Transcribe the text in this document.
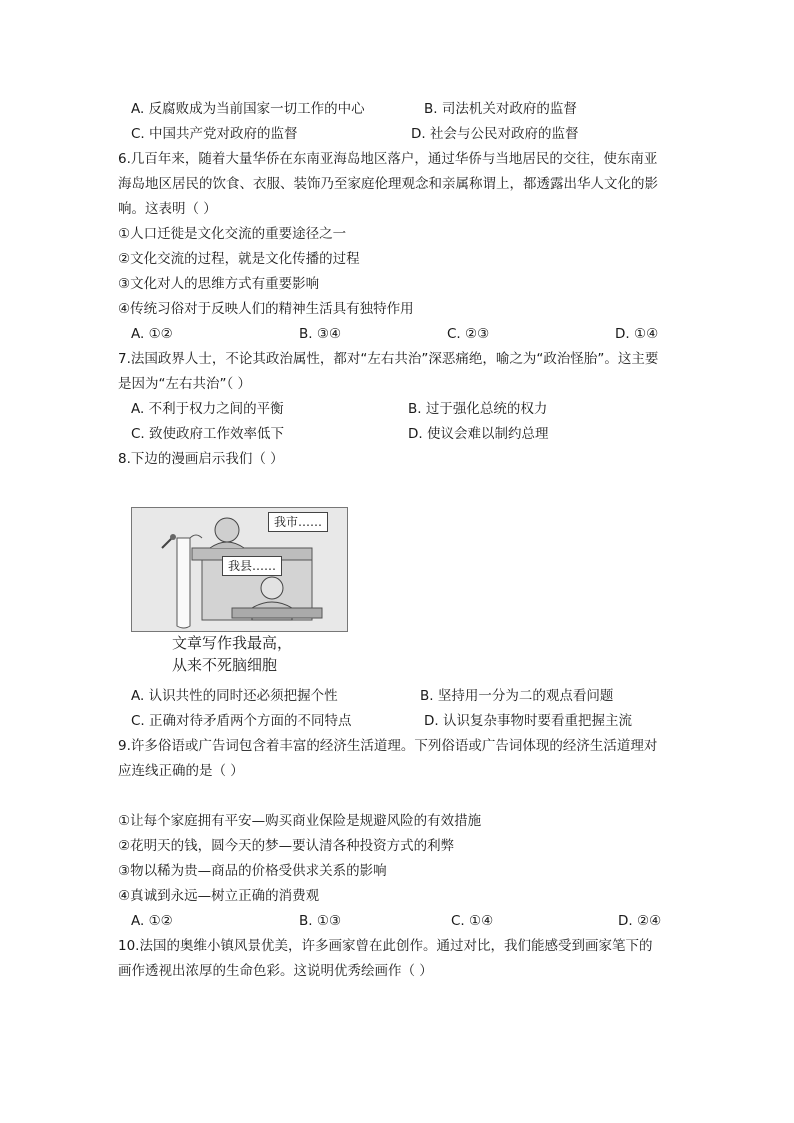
A. 反腐败成为当前国家一切工作的中心	B. 司法机关对政府的监督
C. 中国共产党对政府的监督	D. 社会与公民对政府的监督
6.几百年来，随着大量华侨在东南亚海岛地区落户，通过华侨与当地居民的交往，使东南亚
海岛地区居民的饮食、衣服、装饰乃至家庭伦理观念和亲属称谓上，都透露出华人文化的影
响。这表明（ ）
①人口迁徙是文化交流的重要途径之一
②文化交流的过程，就是文化传播的过程
③文化对人的思维方式有重要影响
④传统习俗对于反映人们的精神生活具有独特作用
A. ①②	B. ③④	C. ②③	D. ①④
7.法国政界人士，不论其政治属性，都对“左右共治”深恶痛绝，喻之为“政治怪胎”。这主要
是因为“左右共治”（ ）
A. 不利于权力之间的平衡	B. 过于强化总统的权力
C. 致使政府工作效率低下	D. 使议会难以制约总理
8.下边的漫画启示我们（ ）
我市……
我县……
文章写作我最高，
从来不死脑细胞
A. 认识共性的同时还必须把握个性	B. 坚持用一分为二的观点看问题
C. 正确对待矛盾两个方面的不同特点	D. 认识复杂事物时要看重把握主流
9.许多俗语或广告词包含着丰富的经济生活道理。下列俗语或广告词体现的经济生活道理对
应连线正确的是（ ）
①让每个家庭拥有平安—购买商业保险是规避风险的有效措施
②花明天的钱，圆今天的梦—要认清各种投资方式的利弊
③物以稀为贵—商品的价格受供求关系的影响
④真诚到永远—树立正确的消费观
A. ①②	B. ①③	C. ①④	D. ②④
10.法国的奥维小镇风景优美，许多画家曾在此创作。通过对比，我们能感受到画家笔下的
画作透视出浓厚的生命色彩。这说明优秀绘画作（ ）
